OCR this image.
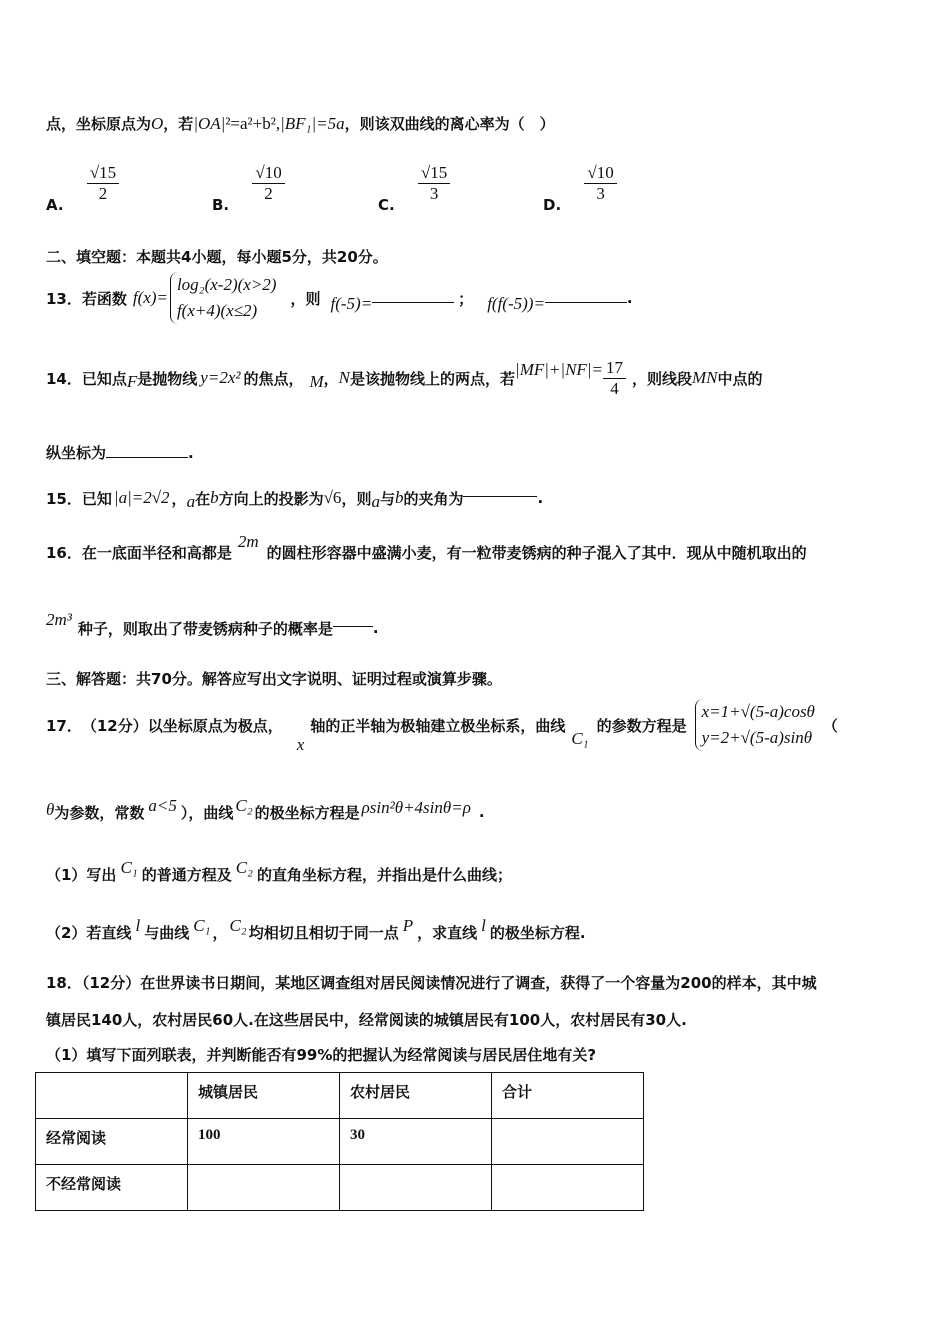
点，坐标原点为O，若|OA|²=a²+b²,|BF₁|=5a，则该双曲线的离心率为（　）
A.
$\frac{√15}{2}$
B.
$\frac{√10}{2}$
C.
$\frac{√15}{3}$
D.
$\frac{√10}{3}$
二、填空题：本题共4小题，每小题5分，共20分。
13． 若函数 f(x)=
log₂(x-2)(x>2)
f(x+4)(x≤2)
，则 f(-5)=	； f(f(-5))=	.
14． 已知点 F 是抛物线 y=2x² 的焦点， M ， N 是该抛物线上的两点，若 $|MF|+|NF|= \frac{17}{4}$ ，则线段 MN 中点的
纵坐标为	.
15． 已知 |a|=2√2 ， a 在 b 方向上的投影为 √6 ，则 a 与 b 的夹角为	.
16． 在一底面半径和高都是
2m
的圆柱形容器中盛满小麦，有一粒带麦锈病的种子混入了其中．现从中随机取出的
2m³ 种子，则取出了带麦锈病种子的概率是	.
三、解答题：共70分。解答应写出文字说明、证明过程或演算步骤。
17． （12分） 以坐标原点为极点，
x
轴的正半轴为极轴建立极坐标系，曲线
C₁
的参数方程是
x=1+√(5-a)cosθ
y=2+√(5-a)sinθ
（
θ 为参数，常数 a<5 ），曲线 C₂ 的极坐标方程是 ρsin²θ+4sinθ=ρ .
（1）写出 C₁ 的普通方程及 C₂ 的直角坐标方程，并指出是什么曲线；
（2）若直线 l 与曲线 C₁ ， C₂ 均相切且相切于同一点 P ，求直线 l 的极坐标方程.
18．（12分）在世界读书日期间，某地区调查组对居民阅读情况进行了调查，获得了一个容量为200的样本，其中城
镇居民140人，农村居民60人.在这些居民中，经常阅读的城镇居民有100人，农村居民有30人.
（1）填写下面列联表，并判断能否有99%的把握认为经常阅读与居民居住地有关?
	城镇居民	农村居民	合计
经常阅读	100	30	
不经常阅读			
